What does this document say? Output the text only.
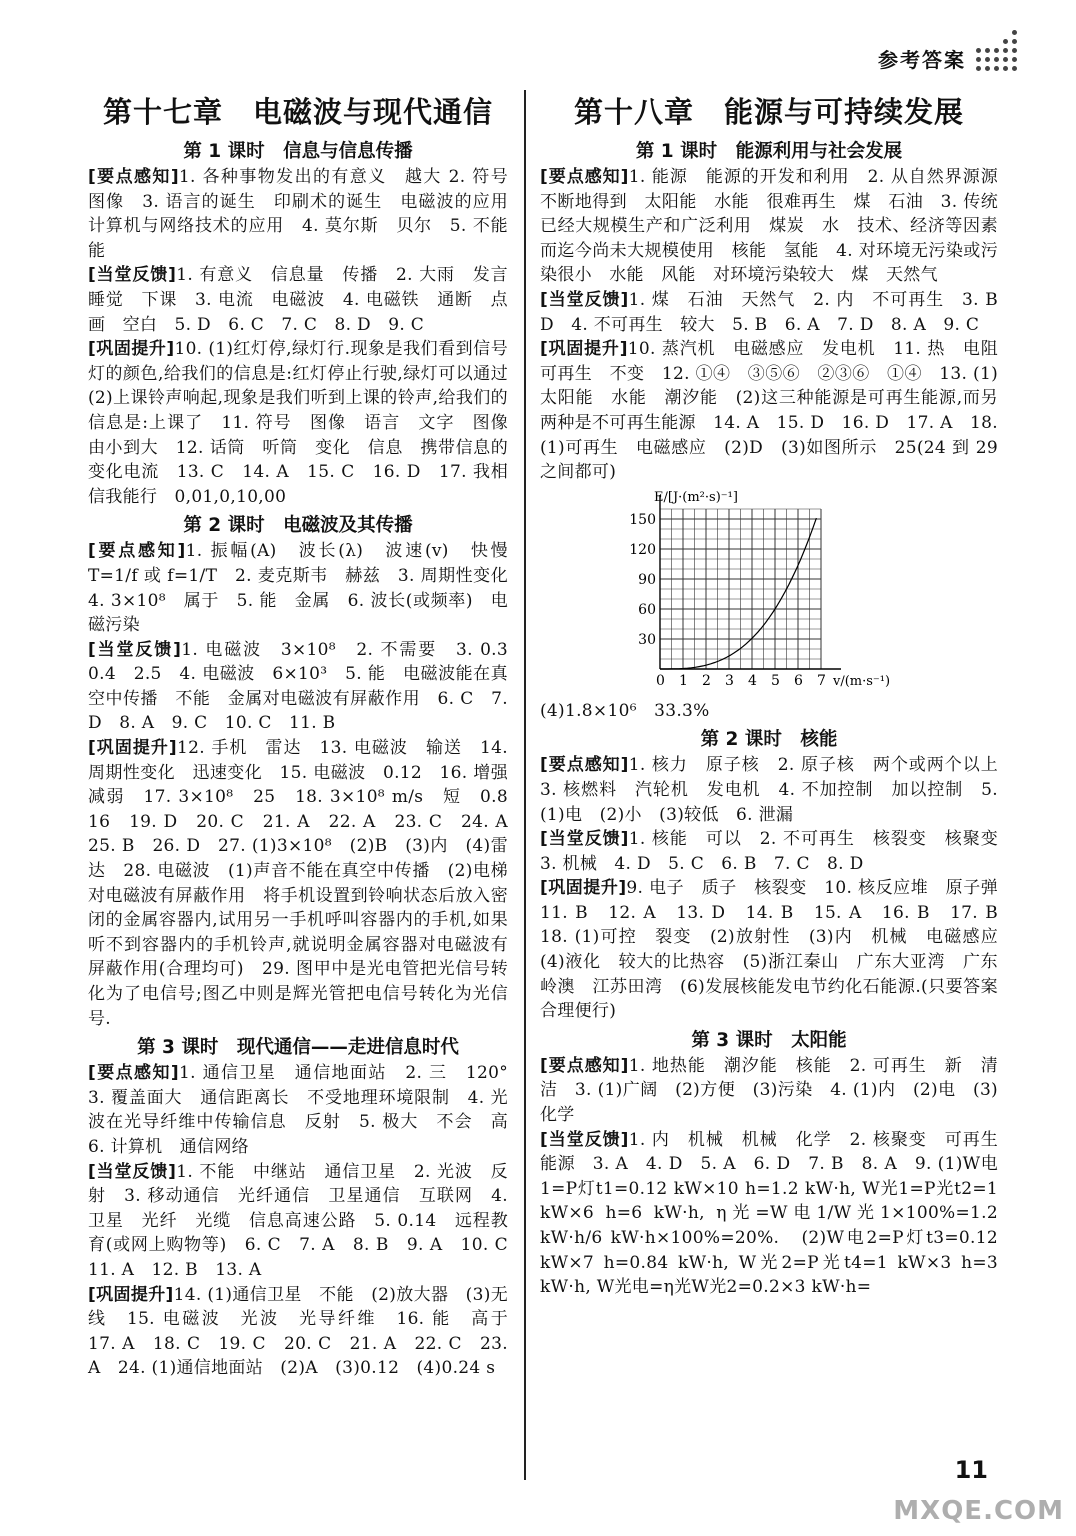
参考答案
第十七章　电磁波与现代通信
第 1 课时　信息与信息传播

[要点感知]1. 各种事物发出的有意义　越大 2. 符号　图像　3. 语言的诞生　印刷术的诞生　电磁波的应用　计算机与网络技术的应用　4. 莫尔斯　贝尔　5. 不能　能

[当堂反馈]1. 有意义　信息量　传播　2. 大雨　发言　睡觉　下课　3. 电流　电磁波　4. 电磁铁　通断　点　画　空白　5. D　6. C　7. C　8. D　9. C

[巩固提升]10. (1)红灯停,绿灯行.现象是我们看到信号灯的颜色,给我们的信息是:红灯停止行驶,绿灯可以通过　(2)上课铃声响起,现象是我们听到上课的铃声,给我们的信息是:上课了　11. 符号　图像　语言　文字　图像　由小到大　12. 话筒　听筒　变化　信息　携带信息的变化电流　13. C　14. A　15. C　16. D　17. 我相信我能行　0,01,0,10,00

第 2 课时　电磁波及其传播

[要点感知]1. 振幅(A)　波长(λ)　波速(v)　快慢　T=1/f 或 f=1/T　2. 麦克斯韦　赫兹　3. 周期性变化　4. 3×10⁸　属于　5. 能　金属　6. 波长(或频率)　电磁污染

[当堂反馈]1. 电磁波　3×10⁸　2. 不需要　3. 0.3　0.4　2.5　4. 电磁波　6×10³　5. 能　电磁波能在真空中传播　不能　金属对电磁波有屏蔽作用　6. C　7. D　8. A　9. C　10. C　11. B

[巩固提升]12. 手机　雷达　13. 电磁波　输送　14. 周期性变化　迅速变化　15. 电磁波　0.12　16. 增强　减弱　17. 3×10⁸　25　18. 3×10⁸ m/s　短　0.8　16　19. D　20. C　21. A　22. A　23. C　24. A　25. B　26. D　27. (1)3×10⁸　(2)B　(3)内　(4)雷达　28. 电磁波　(1)声音不能在真空中传播　(2)电梯对电磁波有屏蔽作用　将手机设置到铃响状态后放入密闭的金属容器内,试用另一手机呼叫容器内的手机,如果听不到容器内的手机铃声,就说明金属容器对电磁波有屏蔽作用(合理均可)　29. 图甲中是光电管把光信号转化为了电信号;图乙中则是辉光管把电信号转化为光信号.

第 3 课时　现代通信——走进信息时代

[要点感知]1. 通信卫星　通信地面站　2. 三　120°　3. 覆盖面大　通信距离长　不受地理环境限制　4. 光波在光导纤维中传输信息　反射　5. 极大　不会　高　6. 计算机　通信网络

[当堂反馈]1. 不能　中继站　通信卫星　2. 光波　反射　3. 移动通信　光纤通信　卫星通信　互联网　4. 卫星　光纤　光缆　信息高速公路　5. 0.14　远程教育(或网上购物等)　6. C　7. A　8. B　9. A　10. C　11. A　12. B　13. A

[巩固提升]14. (1)通信卫星　不能　(2)放大器　(3)无线　15. 电磁波　光波　光导纤维　16. 能　高于　17. A　18. C　19. C　20. C　21. A　22. C　23. A　24. (1)通信地面站　(2)A　(3)0.12　(4)0.24 s

第十八章　能源与可持续发展
第 1 课时　能源利用与社会发展

[要点感知]1. 能源　能源的开发和利用　2. 从自然界源源不断地得到　太阳能　水能　很难再生　煤　石油　3. 传统　已经大规模生产和广泛利用　煤炭　水　技术、经济等因素而迄今尚未大规模使用　核能　氢能　4. 对环境无污染或污染很小　水能　风能　对环境污染较大　煤　天然气

[当堂反馈]1. 煤　石油　天然气　2. 内　不可再生　3. B　D　4. 不可再生　较大　5. B　6. A　7. D　8. A　9. C

[巩固提升]10. 蒸汽机　电磁感应　发电机　11. 热　电阻　可再生　不变　12. ①④　③⑤⑥　②③⑥　①④　13. (1)太阳能　水能　潮汐能　(2)这三种能源是可再生能源,而另两种是不可再生能源　14. A　15. D　16. D　17. A　18. (1)可再生　电磁感应　(2)D　(3)如图所示　25(24 到 29 之间都可)

150
120
90
60
30
0 1 2 3 4 5 6 7
E/[J·(m²·s)⁻¹]
v/(m·s⁻¹)

(4)1.8×10⁶　33.3%

第 2 课时　核能

[要点感知]1. 核力　原子核　2. 原子核　两个或两个以上　3. 核燃料　汽轮机　发电机　4. 不加控制　加以控制　5. (1)电　(2)小　(3)较低　6. 泄漏

[当堂反馈]1. 核能　可以　2. 不可再生　核裂变　核聚变　3. 机械　4. D　5. C　6. B　7. C　8. D

[巩固提升]9. 电子　质子　核裂变　10. 核反应堆　原子弹　11. B　12. A　13. D　14. B　15. A　16. B　17. B　18. (1)可控　裂变　(2)放射性　(3)内　机械　电磁感应　(4)液化　较大的比热容　(5)浙江秦山　广东大亚湾　广东岭澳　江苏田湾　(6)发展核能发电节约化石能源.(只要答案合理便行)

第 3 课时　太阳能

[要点感知]1. 地热能　潮汐能　核能　2. 可再生　新　清洁　3. (1)广阔　(2)方便　(3)污染　4. (1)内　(2)电　(3)化学

[当堂反馈]1. 内　机械　机械　化学　2. 核聚变　可再生能源　3. A　4. D　5. A　6. D　7. B　8. A　9. (1)W电1=P灯t1=0.12 kW×10 h=1.2 kW·h, W光1=P光t2=1 kW×6 h=6 kW·h, η光=W电1/W光1×100%=1.2 kW·h/6 kW·h×100%=20%.　(2)W电2=P灯t3=0.12 kW×7 h=0.84 kW·h, W光2=P光t4=1 kW×3 h=3 kW·h, W光电=η光W光2=0.2×3 kW·h=

11
MXQE.COM
